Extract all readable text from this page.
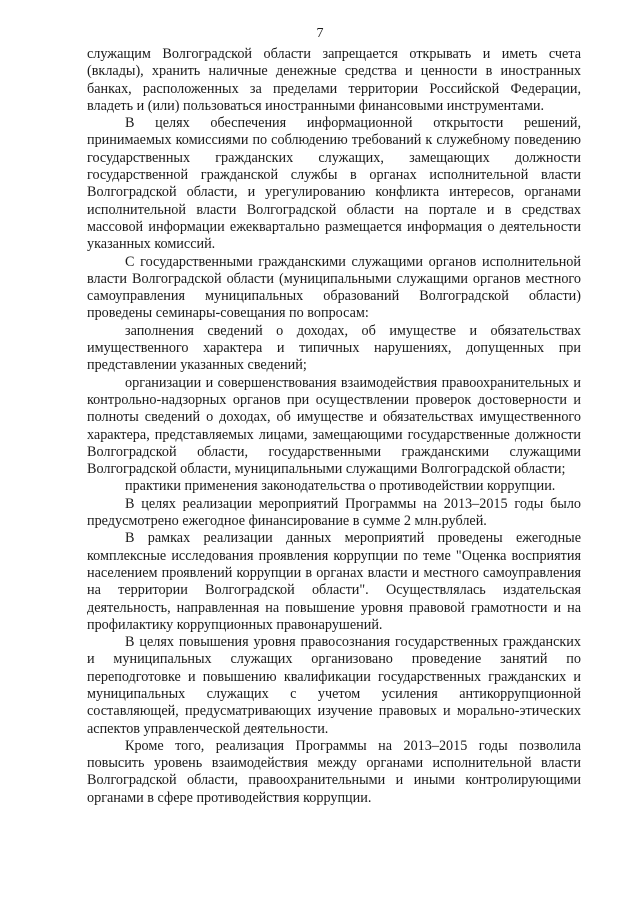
7

служащим Волгоградской области запрещается открывать и иметь счета (вклады), хранить наличные денежные средства и ценности в иностранных банках, расположенных за пределами территории Российской Федерации, владеть и (или) пользоваться иностранными финансовыми инструментами.

В целях обеспечения информационной открытости решений, принимаемых комиссиями по соблюдению требований к служебному поведению государственных гражданских служащих, замещающих должности государственной гражданской службы в органах исполнительной власти Волгоградской области, и урегулированию конфликта интересов, органами исполнительной власти Волгоградской области на портале и в средствах массовой информации ежеквартально размещается информация о деятельности указанных комиссий.

С государственными гражданскими служащими органов исполнительной власти Волгоградской области (муниципальными служащими органов местного самоуправления муниципальных образований Волгоградской области) проведены семинары-совещания по вопросам:

заполнения сведений о доходах, об имуществе и обязательствах имущественного характера и типичных нарушениях, допущенных при представлении указанных сведений;

организации и совершенствования взаимодействия правоохранительных и контрольно-надзорных органов при осуществлении проверок достоверности и полноты сведений о доходах, об имуществе и обязательствах имущественного характера, представляемых лицами, замещающими государственные должности Волгоградской области, государственными гражданскими служащими Волгоградской области, муниципальными служащими Волгоградской области;

практики применения законодательства о противодействии коррупции.

В целях реализации мероприятий Программы на 2013–2015 годы было предусмотрено ежегодное финансирование в сумме 2 млн.рублей.

В рамках реализации данных мероприятий проведены ежегодные комплексные исследования проявления коррупции по теме "Оценка восприятия населением проявлений коррупции в органах власти и местного самоуправления на территории Волгоградской области". Осуществлялась издательская деятельность, направленная на повышение уровня правовой грамотности и на профилактику коррупционных правонарушений.

В целях повышения уровня правосознания государственных гражданских и муниципальных служащих организовано проведение занятий по переподготовке и повышению квалификации государственных гражданских и муниципальных служащих с учетом усиления антикоррупционной составляющей, предусматривающих изучение правовых и морально-этических аспектов управленческой деятельности.

Кроме того, реализация Программы на 2013–2015 годы позволила повысить уровень взаимодействия между органами исполнительной власти Волгоградской области, правоохранительными и иными контролирующими органами в сфере противодействия коррупции.
